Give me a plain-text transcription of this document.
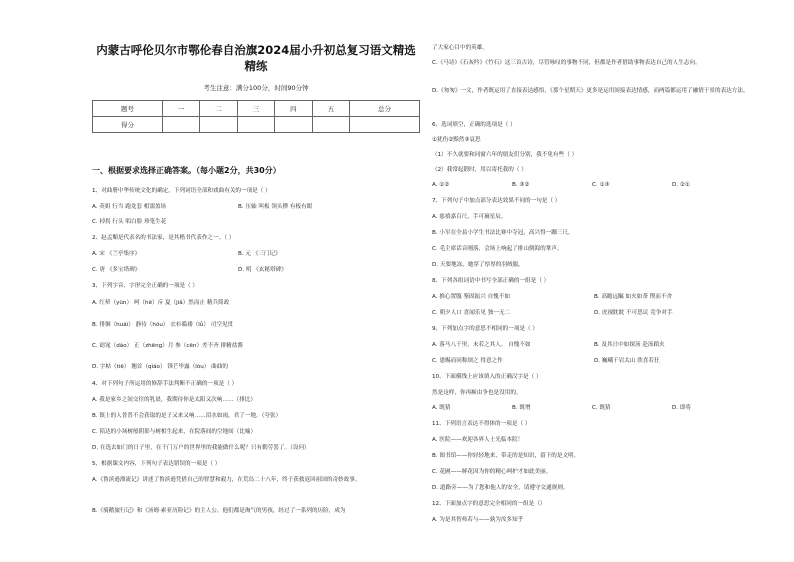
内蒙古呼伦贝尔市鄂伦春自治旗2024届小升初总复习语文精选精练
考生注意：满分100分，时间90分钟
题号	一	二	三	四	五	总分
得分						
一、根据要求选择正确答案。（每小题2分，共30分）
1、对曲册中华传统文化的确定，下列词语全部和戏曲有关的一项是（ ）
A. 英姐 行当 跑龙套 相濡盈场	B. 压轴 叫板 领头撵 有板有眼
C. 掉拐 行头 唱白脸 珍笔生花
2、赵孟頫是代表名的书法家，是其楷书代表作之一。（ ）
A. 宋 《兰亭集序》	B. 元 《三门记》
C. 唐 《多宝塔碑》	D. 明 《玄秘塔碑》
3、下列字音、字形完全正确的一项是（ ）
A. 红晕（yūn） 呵（hē）斥 夏（jiǎ）然而止 精兵简政
B. 徘徊（huái） 静待（hǒu） 衣衫褴褛（lǚ） 司空见贯
C. 窈窕（dào） 正（zhēng）月 参（cēn）差不齐 排精盐酱
D. 字帖（tiē） 翘首（qiáo） 锋芒毕露（lòu） 曲曲的
4、对下列句子所运用的修辞手法判断不正确的一项是（ ）
A. 我是家乡之间交往的乳晨，我期待你是太阳又次响……（排比）
B. 镇上的人普普不会获取的是子又来又响……泪水如雨，君了一地。（夸张）
C. 陪达的小场树般阴影与树相生起来，在院落间的空地间（比喻）
D. 在选去如门的日子里，在千门万户的世界里的我能做什么呢？只有勤劳罢了。（设问）
5、根据课文内容，下列句子表达错误的一项是（ ）
A.《鲁滨逊漂流记》讲述了鲁滨逊凭借自己的智慧和毅力，在荒岛二十八年，终于获救返回祖国的奇妙故事。
B.《骑鹅旅行记》和《汤姆·索亚历险记》的主人公，他们都是淘气的男孩，经过了一系列的历险，成为
了大家心目中的英雄。
C.《马诗》《石灰吟》《竹石》这三首古诗，尽管咏叹的事物不同，但都是作者借助事物表达自己的人生志向。
D.《匆匆》一文，作者既运用了直接表达感悟，《那个星期天》更多是运用间接表达情感，而两篇都运用了融情于景的表达方法。
6、选词填空，正确的选项是（ ）
①犹伤②黯然③哀思
（1）不久就要和同窗六年的朋友们分别，我不免有些（ ）
（2）我常起锻时，用以寄托我的（ ）
A. ①②	B. ③②	C. ①③	D. ②①
7、下列句子中加点部分表达效果不同的一句是（ ）
A. 慈禧嘉百尺，手可摘星辰。
B. 小军在全县小学生书法比赛中夺冠，高兴得一蹦三尺。
C. 毛主席话音刚落，会场上响起了排山倒海的掌声。
D. 天要地冻，她穿了厚厚的羽绒服。
8、下列各组词语中书写全部正确的一组是（ ）
A. 推心置腹 鉴固振兴 自愧不如	B. 高瞻远瞩 如火如荼 锲而不舍
C. 朝夕人口 喜闻乐见 独一无二	D. 虎视眈眈 不可思议 竞争对手
9、下列加点字的意思不相同的一项是（ ）
A. 落马八千里，未若之其人。 自愧不如	B. 及其日中如探汤 赴汤蹈火
C. 恩赐而同称颂之 得意之作	D. 巍峨千岩太山 欣喜若狂
10、下面横线上应该填入的正确汉字是（ ）
然是这样，你再厮由争也是没用的。
A. 既猜	B. 既增	C. 既猜	D. 即将
11、下列语言表达不得体的一项是（ ）
A. 医院——欢迎各界人士光临本院！
B. 图书馆——你轻轻地来，带走的是知识，留下的是文明。
C. 花圃——鲜花因为你的精心呵护才如此美丽。
D. 道路旁——为了您和他人的安全，请遵守交通规则。
12、下面加点字的意思完全相同的一组是（）
A. 为是其智弗若与——孰为汝多知乎
